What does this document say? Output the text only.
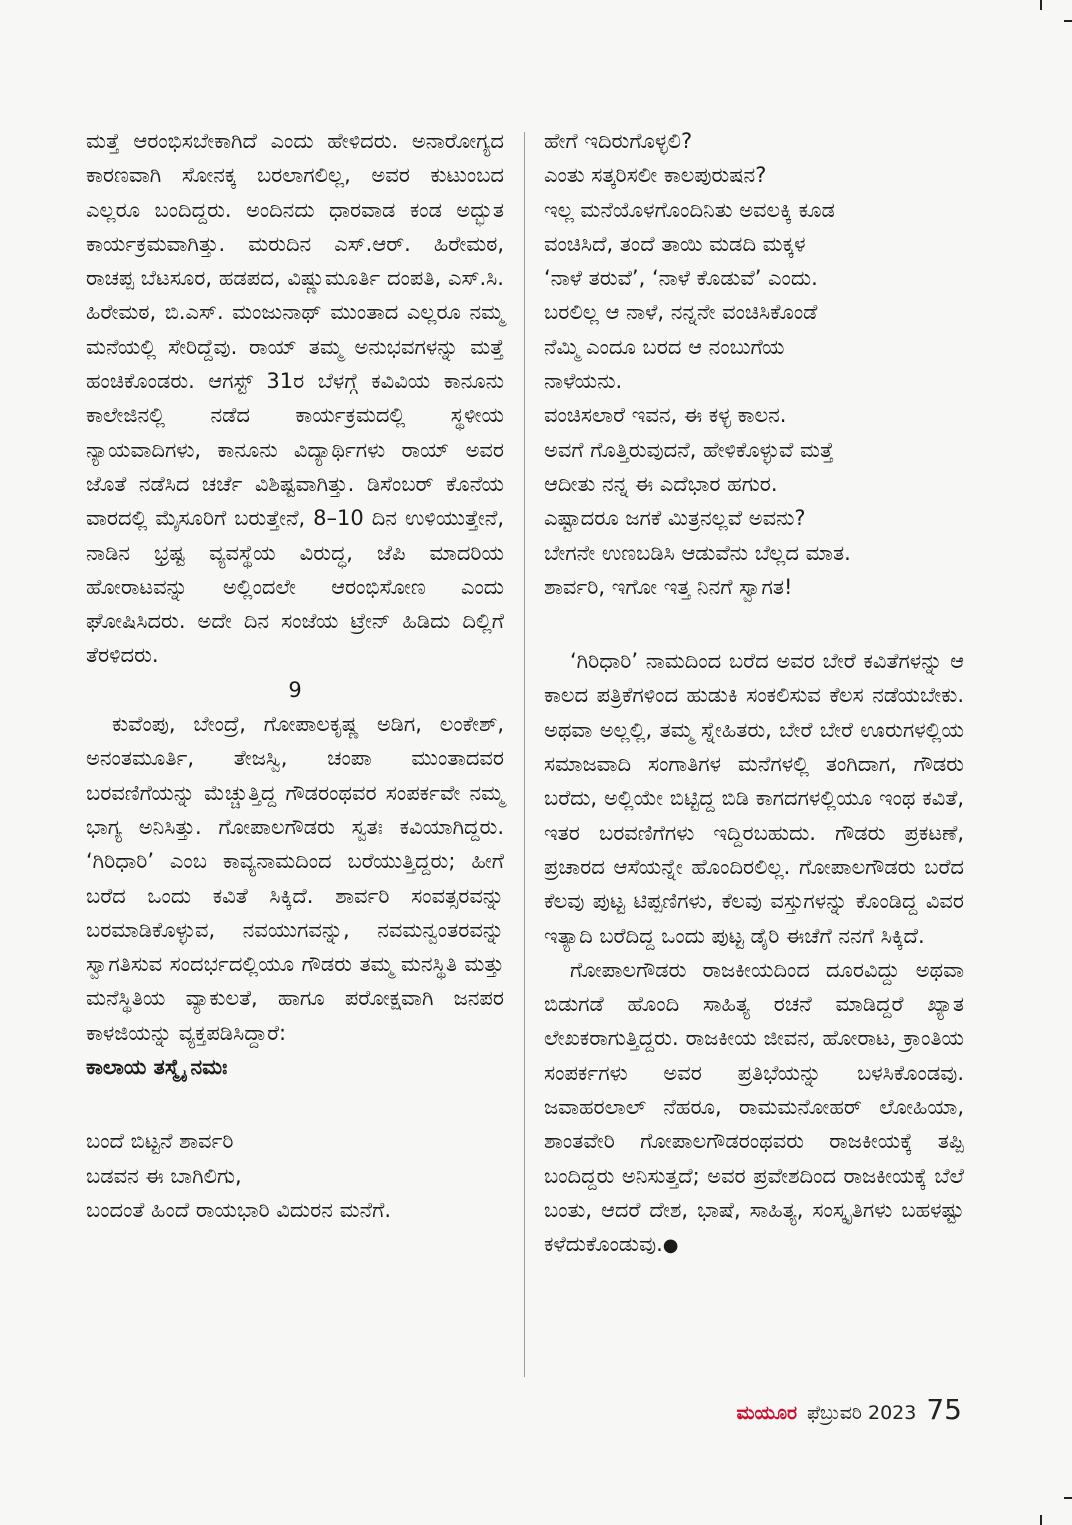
ಮತ್ತೆ ಆರಂಭಿಸಬೇಕಾಗಿದೆ ಎಂದು ಹೇಳಿದರು. ಅನಾರೋಗ್ಯದ ಕಾರಣವಾಗಿ ಸೋನಕ್ಕ ಬರಲಾಗಲಿಲ್ಲ, ಅವರ ಕುಟುಂಬದ ಎಲ್ಲರೂ ಬಂದಿದ್ದರು. ಅಂದಿನದು ಧಾರವಾಡ ಕಂಡ ಅದ್ಭುತ ಕಾರ್ಯಕ್ರಮವಾಗಿತ್ತು. ಮರುದಿನ ಎಸ್.ಆರ್. ಹಿರೇಮಠ, ರಾಚಪ್ಪ ಬೆಟಸೂರ, ಹಡಪದ, ವಿಷ್ಣುಮೂರ್ತಿ ದಂಪತಿ, ಎಸ್.ಸಿ. ಹಿರೇಮಠ, ಬಿ.ಎಸ್. ಮಂಜುನಾಥ್ ಮುಂತಾದ ಎಲ್ಲರೂ ನಮ್ಮ ಮನೆಯಲ್ಲಿ ಸೇರಿದ್ದೆವು. ರಾಯ್ ತಮ್ಮ ಅನುಭವಗಳನ್ನು ಮತ್ತೆ ಹಂಚಿಕೊಂಡರು. ಆಗಸ್ಟ್ 31ರ ಬೆಳಗ್ಗೆ ಕವಿವಿಯ ಕಾನೂನು ಕಾಲೇಜಿನಲ್ಲಿ ನಡೆದ ಕಾರ್ಯಕ್ರಮದಲ್ಲಿ ಸ್ಥಳೀಯ ನ್ಯಾಯವಾದಿಗಳು, ಕಾನೂನು ವಿದ್ಯಾರ್ಥಿಗಳು ರಾಯ್ ಅವರ ಜೊತೆ ನಡೆಸಿದ ಚರ್ಚೆ ವಿಶಿಷ್ಟವಾಗಿತ್ತು. ಡಿಸೆಂಬರ್ ಕೊನೆಯ ವಾರದಲ್ಲಿ ಮೈಸೂರಿಗೆ ಬರುತ್ತೇನೆ, 8–10 ದಿನ ಉಳಿಯುತ್ತೇನೆ, ನಾಡಿನ ಭ್ರಷ್ಟ ವ್ಯವಸ್ಥೆಯ ವಿರುದ್ಧ, ಜೆಪಿ ಮಾದರಿಯ ಹೋರಾಟವನ್ನು ಅಲ್ಲಿಂದಲೇ ಆರಂಭಿಸೋಣ ಎಂದು ಘೋಷಿಸಿದರು. ಅದೇ ದಿನ ಸಂಜೆಯ ಟ್ರೇನ್ ಹಿಡಿದು ದಿಲ್ಲಿಗೆ ತೆರಳಿದರು.

9

ಕುವೆಂಪು, ಬೇಂದ್ರೆ, ಗೋಪಾಲಕೃಷ್ಣ ಅಡಿಗ, ಲಂಕೇಶ್, ಅನಂತಮೂರ್ತಿ, ತೇಜಸ್ವಿ, ಚಂಪಾ ಮುಂತಾದವರ ಬರವಣಿಗೆಯನ್ನು ಮೆಚ್ಚುತ್ತಿದ್ದ ಗೌಡರಂಥವರ ಸಂಪರ್ಕವೇ ನಮ್ಮ ಭಾಗ್ಯ ಅನಿಸಿತ್ತು. ಗೋಪಾಲಗೌಡರು ಸ್ವತಃ ಕವಿಯಾಗಿದ್ದರು. ‘ಗಿರಿಧಾರಿ’ ಎಂಬ ಕಾವ್ಯನಾಮದಿಂದ ಬರೆಯುತ್ತಿದ್ದರು; ಹೀಗೆ ಬರೆದ ಒಂದು ಕವಿತೆ ಸಿಕ್ಕಿದೆ. ಶಾರ್ವರಿ ಸಂವತ್ಸರವನ್ನು ಬರಮಾಡಿಕೊಳ್ಳುವ, ನವಯುಗವನ್ನು, ನವಮನ್ವಂತರವನ್ನು ಸ್ವಾಗತಿಸುವ ಸಂದರ್ಭದಲ್ಲಿಯೂ ಗೌಡರು ತಮ್ಮ ಮನಸ್ಥಿತಿ ಮತ್ತು ಮನೆಸ್ಥಿತಿಯ ವ್ಯಾಕುಲತೆ, ಹಾಗೂ ಪರೋಕ್ಷವಾಗಿ ಜನಪರ ಕಾಳಜಿಯನ್ನು ವ್ಯಕ್ತಪಡಿಸಿದ್ದಾರೆ:

ಕಾಲಾಯ ತಸ್ಮೈ ನಮಃ
ಬಂದೆ ಬಿಟ್ಟನೆ ಶಾರ್ವರಿ
ಬಡವನ ಈ ಬಾಗಿಲಿಗು,
ಬಂದಂತೆ ಹಿಂದೆ ರಾಯಭಾರಿ ವಿದುರನ ಮನೆಗೆ.
ಹೇಗೆ ಇದಿರುಗೊಳ್ಳಲಿ?
ಎಂತು ಸತ್ಕರಿಸಲೀ ಕಾಲಪುರುಷನ?
ಇಲ್ಲ ಮನೆಯೊಳಗೊಂದಿನಿತು ಅವಲಕ್ಕಿ ಕೂಡ
ವಂಚಿಸಿದೆ, ತಂದೆ ತಾಯಿ ಮಡದಿ ಮಕ್ಕಳ
‘ನಾಳೆ ತರುವೆ’, ‘ನಾಳೆ ಕೊಡುವೆ’ ಎಂದು.
ಬರಲಿಲ್ಲ ಆ ನಾಳೆ, ನನ್ನನೇ ವಂಚಿಸಿಕೊಂಡೆ
ನೆಮ್ಮಿ ಎಂದೂ ಬರದ ಆ ನಂಬುಗೆಯ
ನಾಳೆಯನು.
ವಂಚಿಸಲಾರೆ ಇವನ, ಈ ಕಳ್ಳ ಕಾಲನ.
ಅವಗೆ ಗೊತ್ತಿರುವುದನೆ, ಹೇಳಿಕೊಳ್ಳುವೆ ಮತ್ತೆ
ಆದೀತು ನನ್ನ ಈ ಎದೆಭಾರ ಹಗುರ.
ಎಷ್ಟಾದರೂ ಜಗಕೆ ಮಿತ್ರನಲ್ಲವೆ ಅವನು?
ಬೇಗನೇ ಉಣಬಡಿಸಿ ಆಡುವೆನು ಬೆಲ್ಲದ ಮಾತ.
ಶಾರ್ವರಿ, ಇಗೋ ಇತ್ತ ನಿನಗೆ ಸ್ವಾಗತ!

‘ಗಿರಿಧಾರಿ’ ನಾಮದಿಂದ ಬರೆದ ಅವರ ಬೇರೆ ಕವಿತೆಗಳನ್ನು ಆ ಕಾಲದ ಪತ್ರಿಕೆಗಳಿಂದ ಹುಡುಕಿ ಸಂಕಲಿಸುವ ಕೆಲಸ ನಡೆಯಬೇಕು. ಅಥವಾ ಅಲ್ಲಲ್ಲಿ, ತಮ್ಮ ಸ್ನೇಹಿತರು, ಬೇರೆ ಬೇರೆ ಊರುಗಳಲ್ಲಿಯ ಸಮಾಜವಾದಿ ಸಂಗಾತಿಗಳ ಮನೆಗಳಲ್ಲಿ ತಂಗಿದಾಗ, ಗೌಡರು ಬರೆದು, ಅಲ್ಲಿಯೇ ಬಿಟ್ಟಿದ್ದ ಬಿಡಿ ಕಾಗದಗಳಲ್ಲಿಯೂ ಇಂಥ ಕವಿತೆ, ಇತರ ಬರವಣಿಗೆಗಳು ಇದ್ದಿರಬಹುದು. ಗೌಡರು ಪ್ರಕಟಣೆ, ಪ್ರಚಾರದ ಆಸೆಯನ್ನೇ ಹೊಂದಿರಲಿಲ್ಲ. ಗೋಪಾಲಗೌಡರು ಬರೆದ ಕೆಲವು ಪುಟ್ಟ ಟಿಪ್ಪಣಿಗಳು, ಕೆಲವು ವಸ್ತುಗಳನ್ನು ಕೊಂಡಿದ್ದ ವಿವರ ಇತ್ಯಾದಿ ಬರೆದಿದ್ದ ಒಂದು ಪುಟ್ಟ ಡೈರಿ ಈಚೆಗೆ ನನಗೆ ಸಿಕ್ಕಿದೆ.

ಗೋಪಾಲಗೌಡರು ರಾಜಕೀಯದಿಂದ ದೂರವಿದ್ದು ಅಥವಾ ಬಿಡುಗಡೆ ಹೊಂದಿ ಸಾಹಿತ್ಯ ರಚನೆ ಮಾಡಿದ್ದರೆ ಖ್ಯಾತ ಲೇಖಕರಾಗುತ್ತಿದ್ದರು. ರಾಜಕೀಯ ಜೀವನ, ಹೋರಾಟ, ಕ್ರಾಂತಿಯ ಸಂಪರ್ಕಗಳು ಅವರ ಪ್ರತಿಭೆಯನ್ನು ಬಳಸಿಕೊಂಡವು. ಜವಾಹರಲಾಲ್ ನೆಹರೂ, ರಾಮಮನೋಹರ್ ಲೋಹಿಯಾ, ಶಾಂತವೇರಿ ಗೋಪಾಲಗೌಡರಂಥವರು ರಾಜಕೀಯಕ್ಕೆ ತಪ್ಪಿ ಬಂದಿದ್ದರು ಅನಿಸುತ್ತದೆ; ಅವರ ಪ್ರವೇಶದಿಂದ ರಾಜಕೀಯಕ್ಕೆ ಬೆಲೆ ಬಂತು, ಆದರೆ ದೇಶ, ಭಾಷೆ, ಸಾಹಿತ್ಯ, ಸಂಸ್ಕೃತಿಗಳು ಬಹಳಷ್ಟು ಕಳೆದುಕೊಂಡುವು.●

ಮಯೂರ ಫೆಬ್ರುವರಿ 2023 75
